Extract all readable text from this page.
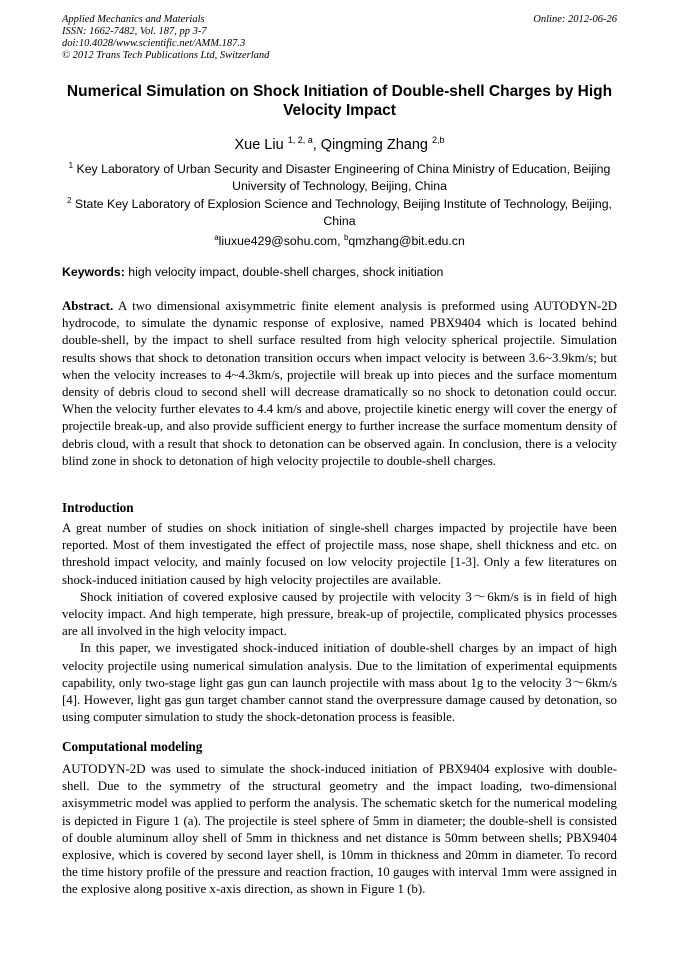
Applied Mechanics and Materials
ISSN: 1662-7482, Vol. 187, pp 3-7
doi:10.4028/www.scientific.net/AMM.187.3
© 2012 Trans Tech Publications Ltd, Switzerland
Online: 2012-06-26
Numerical Simulation on Shock Initiation of Double-shell Charges by High Velocity Impact
Xue Liu $^{1, 2, a}$, Qingming Zhang $^{2,b}$
$^1$ Key Laboratory of Urban Security and Disaster Engineering of China Ministry of Education, Beijing University of Technology, Beijing, China
$^2$ State Key Laboratory of Explosion Science and Technology, Beijing Institute of Technology, Beijing, China
$^a$liuxue429@sohu.com, $^b$qmzhang@bit.edu.cn
Keywords: high velocity impact, double-shell charges, shock initiation
Abstract. A two dimensional axisymmetric finite element analysis is preformed using AUTODYN-2D hydrocode, to simulate the dynamic response of explosive, named PBX9404 which is located behind double-shell, by the impact to shell surface resulted from high velocity spherical projectile. Simulation results shows that shock to detonation transition occurs when impact velocity is between 3.6~3.9km/s; but when the velocity increases to 4~4.3km/s, projectile will break up into pieces and the surface momentum density of debris cloud to second shell will decrease dramatically so no shock to detonation could occur. When the velocity further elevates to 4.4 km/s and above, projectile kinetic energy will cover the energy of projectile break-up, and also provide sufficient energy to further increase the surface momentum density of debris cloud, with a result that shock to detonation can be observed again. In conclusion, there is a velocity blind zone in shock to detonation of high velocity projectile to double-shell charges.
Introduction

A great number of studies on shock initiation of single-shell charges impacted by projectile have been reported. Most of them investigated the effect of projectile mass, nose shape, shell thickness and etc. on threshold impact velocity, and mainly focused on low velocity projectile [1-3]. Only a few literatures on shock-induced initiation caused by high velocity projectiles are available.

Shock initiation of covered explosive caused by projectile with velocity 3～6km/s is in field of high velocity impact. And high temperate, high pressure, break-up of projectile, complicated physics processes are all involved in the high velocity impact.

In this paper, we investigated shock-induced initiation of double-shell charges by an impact of high velocity projectile using numerical simulation analysis. Due to the limitation of experimental equipments capability, only two-stage light gas gun can launch projectile with mass about 1g to the velocity 3～6km/s [4]. However, light gas gun target chamber cannot stand the overpressure damage caused by detonation, so using computer simulation to study the shock-detonation process is feasible.

Computational modeling

AUTODYN-2D was used to simulate the shock-induced initiation of PBX9404 explosive with double-shell. Due to the symmetry of the structural geometry and the impact loading, two-dimensional axisymmetric model was applied to perform the analysis. The schematic sketch for the numerical modeling is depicted in Figure 1 (a). The projectile is steel sphere of 5mm in diameter; the double-shell is consisted of double aluminum alloy shell of 5mm in thickness and net distance is 50mm between shells; PBX9404 explosive, which is covered by second layer shell, is 10mm in thickness and 20mm in diameter. To record the time history profile of the pressure and reaction fraction, 10 gauges with interval 1mm were assigned in the explosive along positive x-axis direction, as shown in Figure 1 (b).
